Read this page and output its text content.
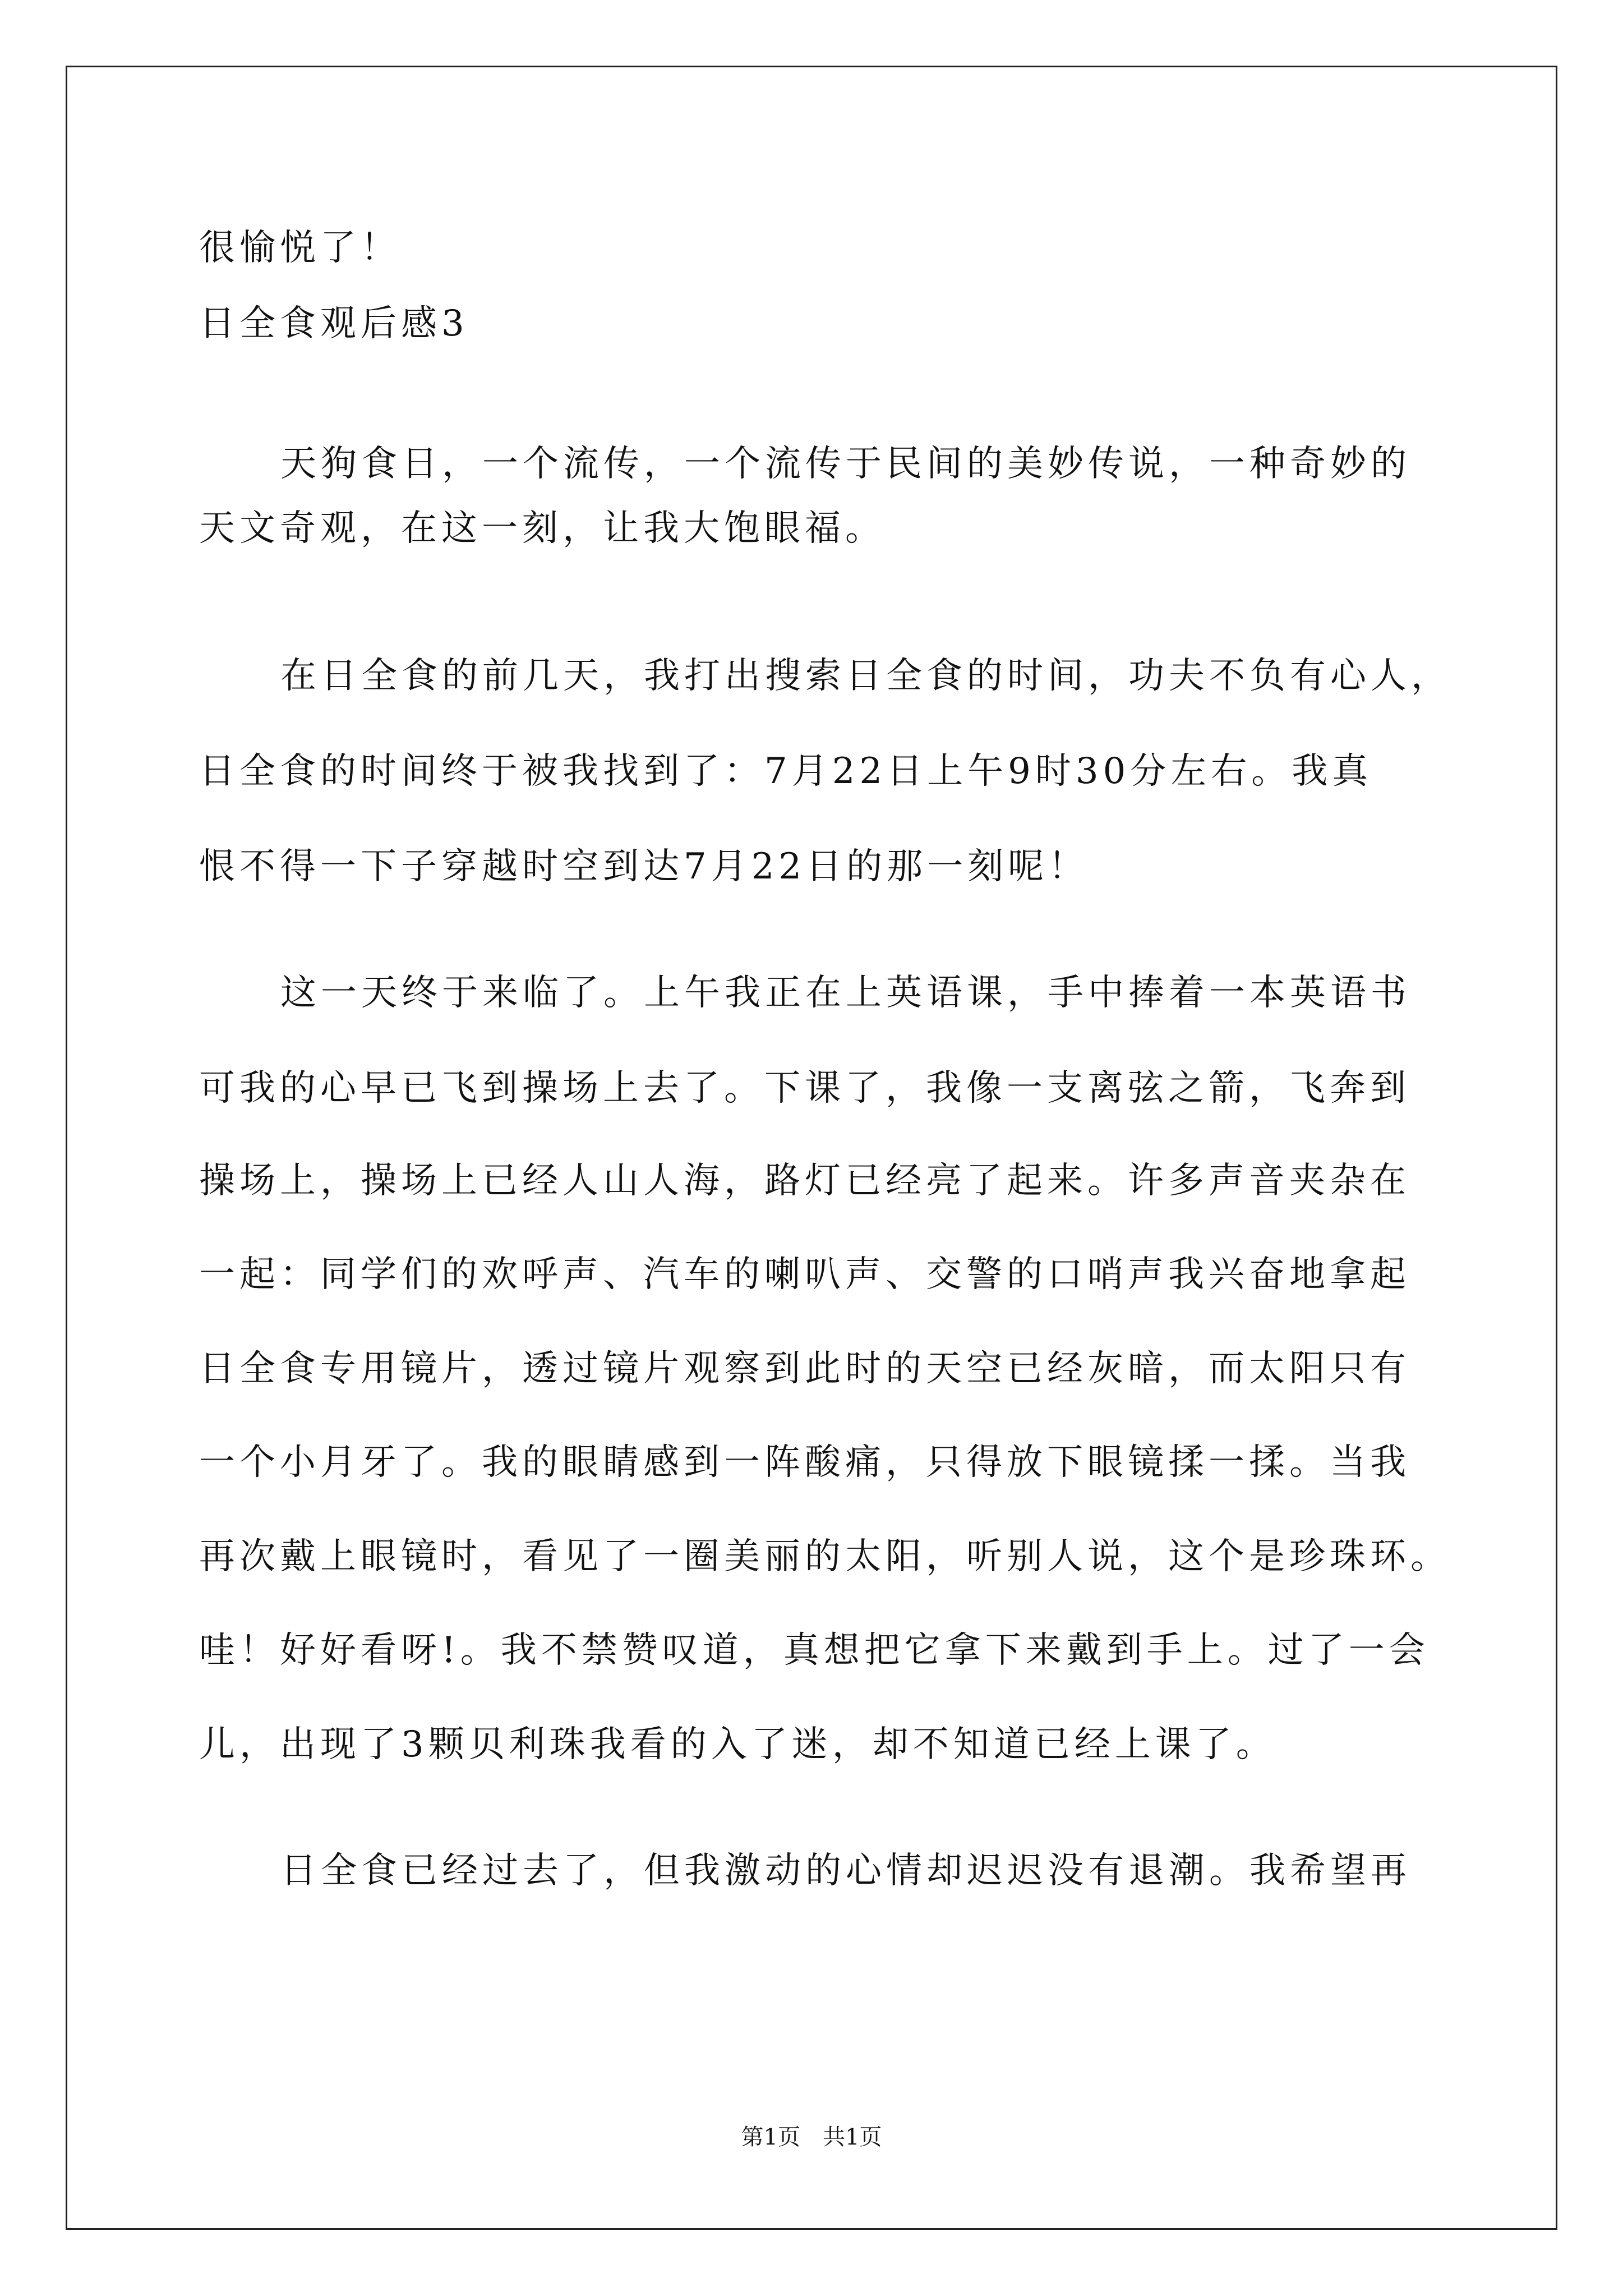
很愉悦了！
日全食观后感3
天狗食日，一个流传，一个流传于民间的美妙传说，一种奇妙的
天文奇观，在这一刻，让我大饱眼福。
在日全食的前几天，我打出搜索日全食的时间，功夫不负有心人，
日全食的时间终于被我找到了：7月22日上午9时30分左右。我真
恨不得一下子穿越时空到达7月22日的那一刻呢！
这一天终于来临了。上午我正在上英语课，手中捧着一本英语书
可我的心早已飞到操场上去了。下课了，我像一支离弦之箭，飞奔到
操场上，操场上已经人山人海，路灯已经亮了起来。许多声音夹杂在
一起：同学们的欢呼声、汽车的喇叭声、交警的口哨声我兴奋地拿起
日全食专用镜片，透过镜片观察到此时的天空已经灰暗，而太阳只有
一个小月牙了。我的眼睛感到一阵酸痛，只得放下眼镜揉一揉。当我
再次戴上眼镜时，看见了一圈美丽的太阳，听别人说，这个是珍珠环。
哇！好好看呀!。我不禁赞叹道，真想把它拿下来戴到手上。过了一会
儿，出现了3颗贝利珠我看的入了迷，却不知道已经上课了。
日全食已经过去了，但我激动的心情却迟迟没有退潮。我希望再
第1页　共1页
